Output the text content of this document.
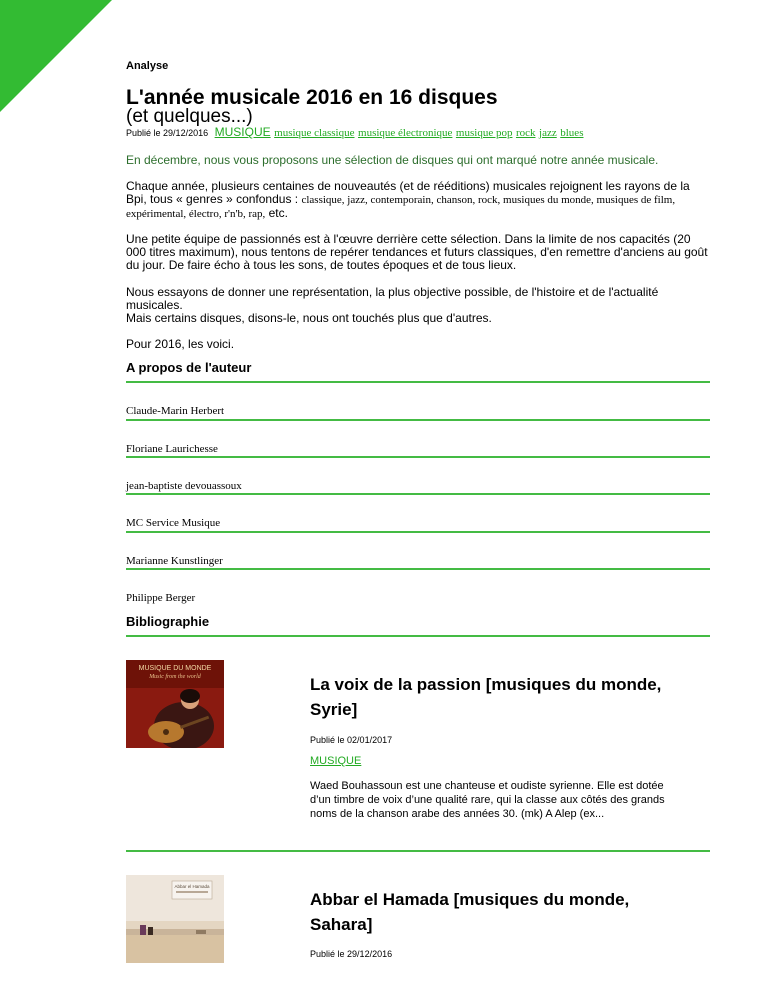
Analyse
L'année musicale 2016 en 16 disques
(et quelques...)
Publié le 29/12/2016 MUSIQUE musique classique musique électronique musique pop rock jazz blues
En décembre, nous vous proposons une sélection de disques qui ont marqué notre année musicale.
Chaque année, plusieurs centaines de nouveautés (et de rééditions) musicales rejoignent les rayons de la Bpi, tous « genres » confondus : classique, jazz, contemporain, chanson, rock, musiques du monde, musiques de film, expérimental, électro, r'n'b, rap, etc.
Une petite équipe de passionnés est à l'œuvre derrière cette sélection. Dans la limite de nos capacités (20 000 titres maximum), nous tentons de repérer tendances et futurs classiques, d'en remettre d'anciens au goût du jour. De faire écho à tous les sons, de toutes époques et de tous lieux.
Nous essayons de donner une représentation, la plus objective possible, de l'histoire et de l'actualité musicales.
Mais certains disques, disons-le, nous ont touchés plus que d'autres.
Pour 2016, les voici.
A propos de l'auteur
Claude-Marin Herbert
Floriane Laurichesse
jean-baptiste devouassoux
MC Service Musique
Marianne Kunstlinger
Philippe Berger
Bibliographie
MUSIQUE DU MONDE
Music from the world	La voix de la passion [musiques du monde, Syrie]
Publié le 02/01/2017
MUSIQUE
Waed Bouhassoun est une chanteuse et oudiste syrienne. Elle est dotée d’un timbre de voix d’une qualité rare, qui la classe aux côtés des grands noms de la chanson arabe des années 30. (mk) A Alep (ex...
Abbar el Hamada
Abbar el Hamada [musiques du monde, Sahara]
Publié le 29/12/2016
